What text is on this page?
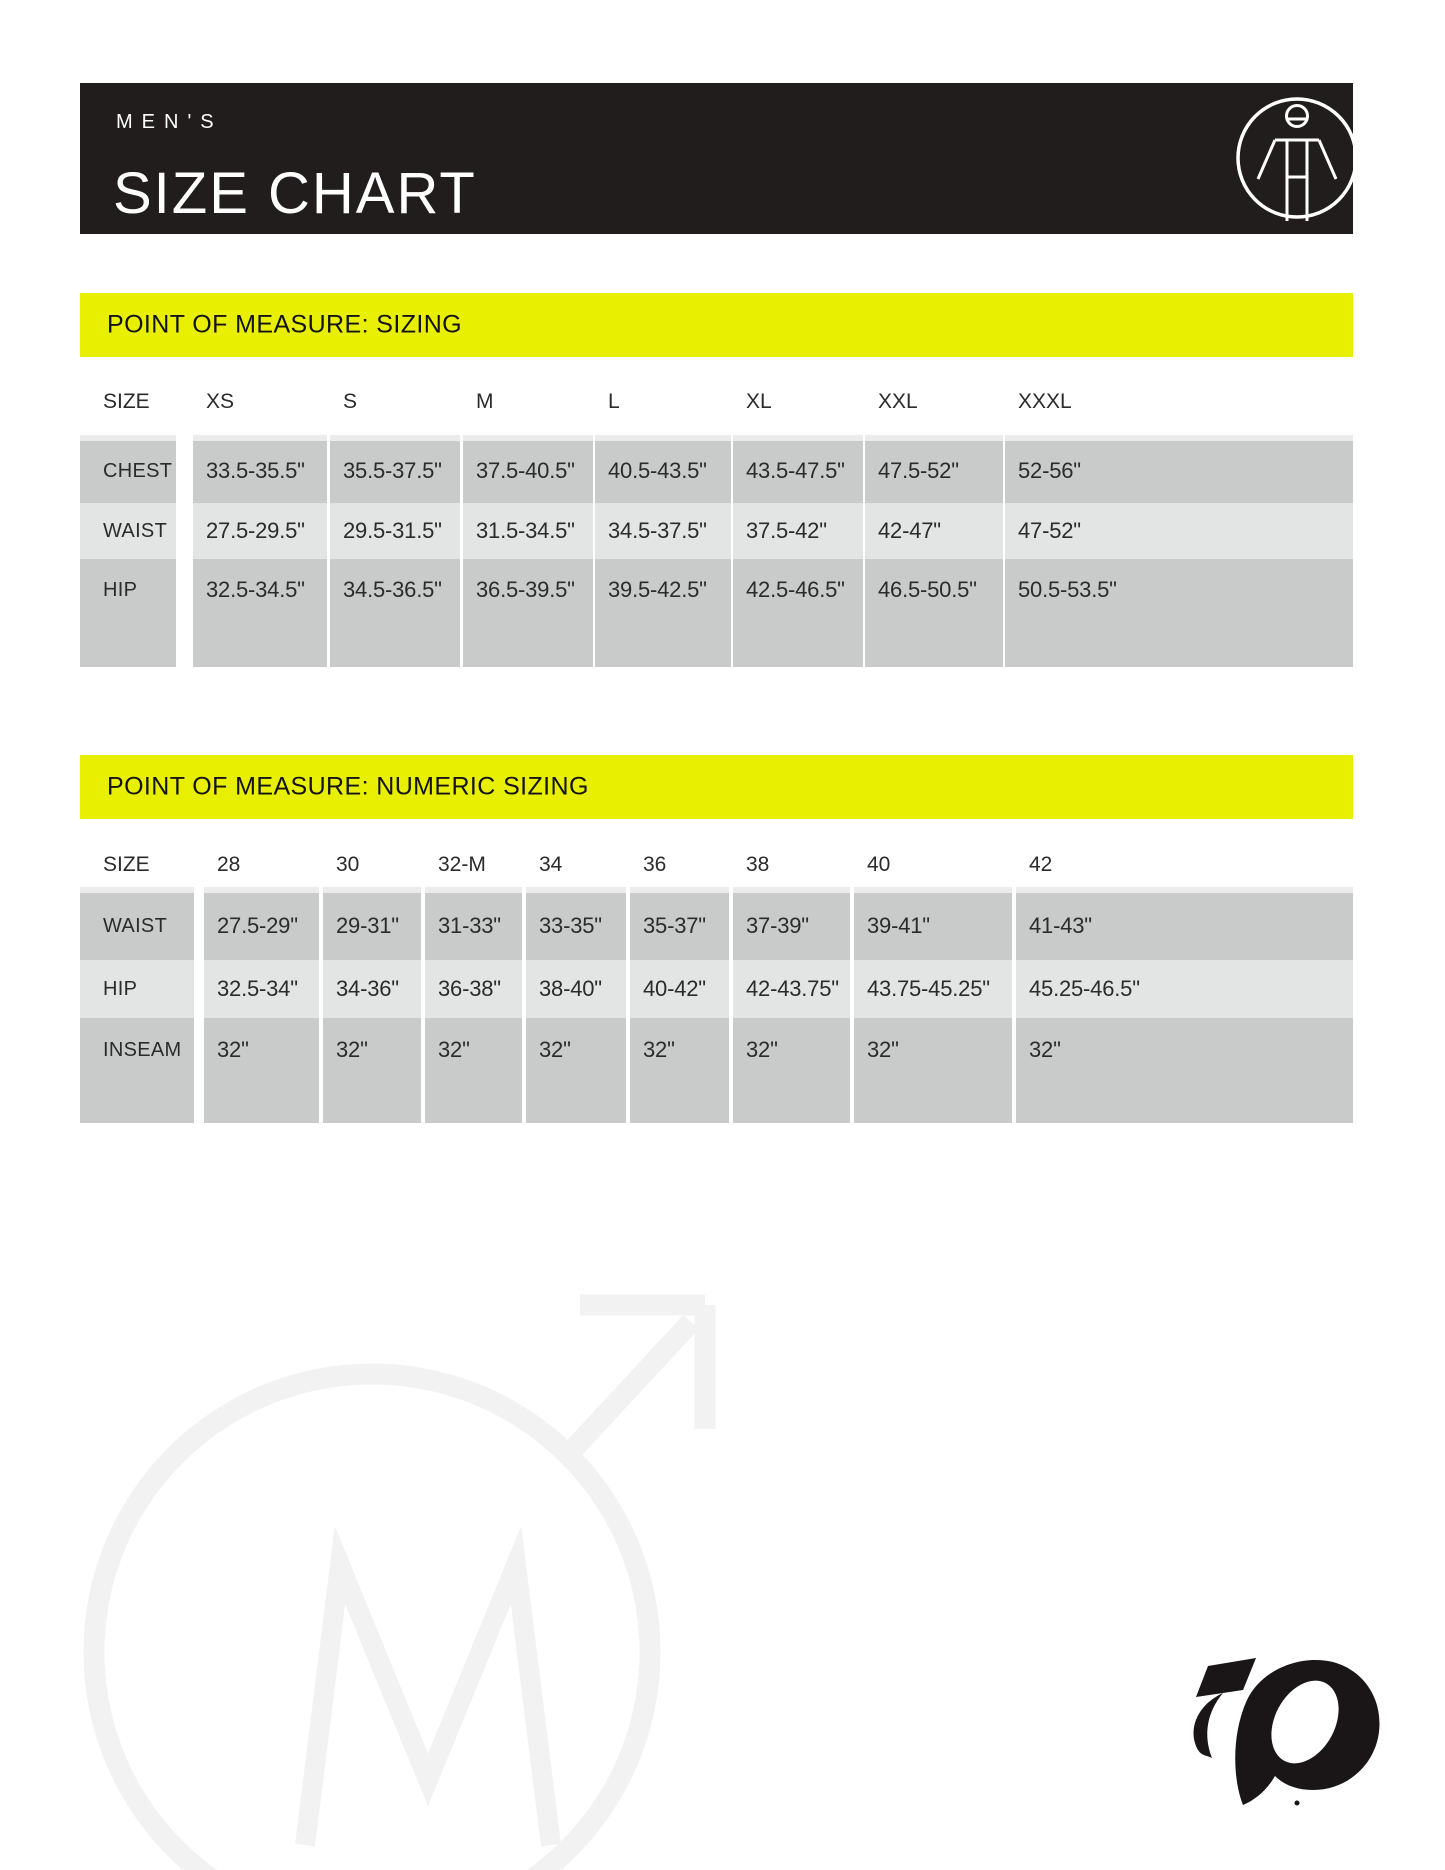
MEN'S
SIZE CHART
POINT OF MEASURE: SIZING
SIZE	XS	S	M	L	XL	XXL	XXXL
CHEST	33.5-35.5"	35.5-37.5"	37.5-40.5"	40.5-43.5"	43.5-47.5"	47.5-52"	52-56"
WAIST	27.5-29.5"	29.5-31.5"	31.5-34.5"	34.5-37.5"	37.5-42"	42-47"	47-52"
HIP	32.5-34.5"	34.5-36.5"	36.5-39.5"	39.5-42.5"	42.5-46.5"	46.5-50.5"	50.5-53.5"
POINT OF MEASURE: NUMERIC SIZING
SIZE	28	30	32-M	34	36	38	40	42
WAIST	27.5-29"	29-31"	31-33"	33-35"	35-37"	37-39"	39-41"	41-43"
HIP	32.5-34"	34-36"	36-38"	38-40"	40-42"	42-43.75"	43.75-45.25"	45.25-46.5"
INSEAM	32"	32"	32"	32"	32"	32"	32"	32"
